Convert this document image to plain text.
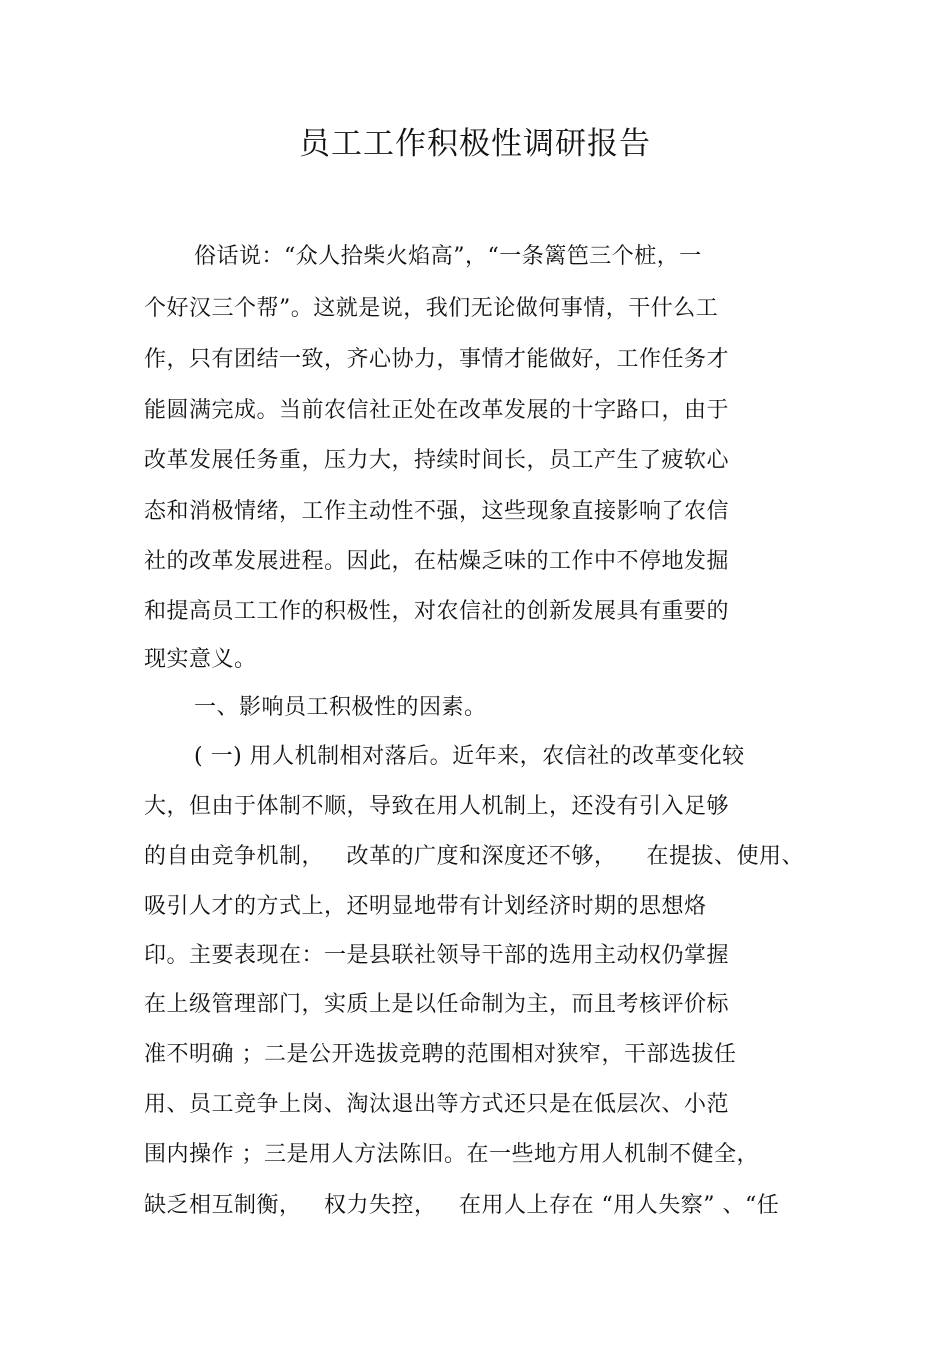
员工工作积极性调研报告
俗话说：“众人拾柴火焰高”，“一条篱笆三个桩，一
个好汉三个帮”。这就是说，我们无论做何事情，干什么工
作，只有团结一致，齐心协力，事情才能做好，工作任务才
能圆满完成。当前农信社正处在改革发展的十字路口，由于
改革发展任务重，压力大，持续时间长，员工产生了疲软心
态和消极情绪，工作主动性不强，这些现象直接影响了农信
社的改革发展进程。因此，在枯燥乏味的工作中不停地发掘
和提高员工工作的积极性，对农信社的创新发展具有重要的
现实意义。
一、影响员工积极性的因素。
( 一) 用人机制相对落后。近年来，农信社的改革变化较
大，但由于体制不顺，导致在用人机制上，还没有引入足够
的自由竞争机制，   改革的广度和深度还不够，    在提拔、使用、
吸引人才的方式上，还明显地带有计划经济时期的思想烙
印。主要表现在：一是县联社领导干部的选用主动权仍掌握
在上级管理部门，实质上是以任命制为主，而且考核评价标
准不明确 ；二是公开选拔竞聘的范围相对狭窄，干部选拔任
用、员工竞争上岗、淘汰退出等方式还只是在低层次、小范
围内操作 ；三是用人方法陈旧。在一些地方用人机制不健全，
缺乏相互制衡，   权力失控，   在用人上存在 “用人失察” 、“任
